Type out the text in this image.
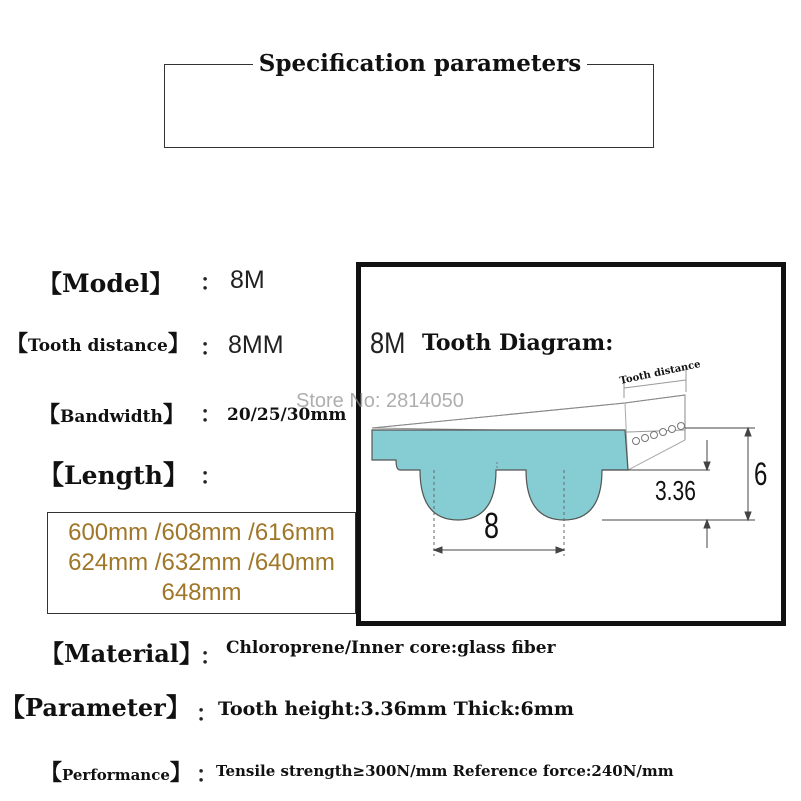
Specification parameters
【Model】 ： 8M
【Tooth distance】 ： 8MM
【Bandwidth】 ： 20/25/30mm
【Length】 ：
600mm /608mm /616mm
624mm /632mm /640mm
648mm
【Material】
： Chloroprene/Inner core:glass fiber
【Parameter】 ： Tooth height:3.36mm Thick:6mm
【Performance】 ：
Tensile strength≥300N/mm Reference force:240N/mm
8M Tooth Diagram:
Store No: 2814050
Tooth distance
8
3.36 6
